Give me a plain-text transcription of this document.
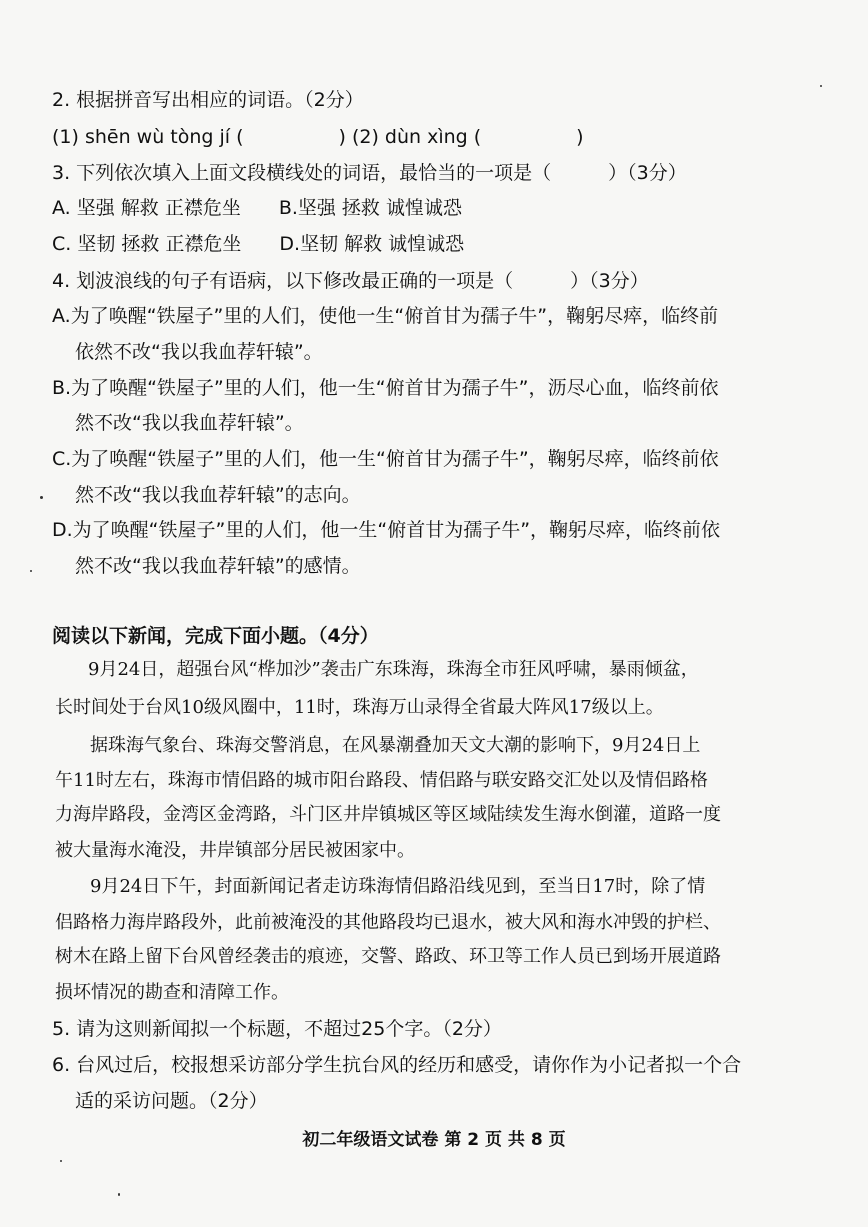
2. 根据拼音写出相应的词语。（2分）
(1) shēn wù tòng jí (　　　　　) (2) dùn xìng (　　　　　)
3. 下列依次填入上面文段横线处的词语，最恰当的一项是（　　　）（3分）
A. 坚强 解救 正襟危坐　　B.坚强 拯救 诚惶诚恐
C. 坚韧 拯救 正襟危坐　　D.坚韧 解救 诚惶诚恐
4. 划波浪线的句子有语病，以下修改最正确的一项是（　　　）（3分）
A.为了唤醒“铁屋子”里的人们，使他一生“俯首甘为孺子牛”，鞠躬尽瘁，临终前
依然不改“我以我血荐轩辕”。
B.为了唤醒“铁屋子”里的人们，他一生“俯首甘为孺子牛”，沥尽心血，临终前依
然不改“我以我血荐轩辕”。
C.为了唤醒“铁屋子”里的人们，他一生“俯首甘为孺子牛”，鞠躬尽瘁，临终前依
然不改“我以我血荐轩辕”的志向。
D.为了唤醒“铁屋子”里的人们，他一生“俯首甘为孺子牛”，鞠躬尽瘁，临终前依
然不改“我以我血荐轩辕”的感情。
阅读以下新闻，完成下面小题。（4分）
9月24日，超强台风“桦加沙”袭击广东珠海，珠海全市狂风呼啸，暴雨倾盆，
长时间处于台风10级风圈中，11时，珠海万山录得全省最大阵风17级以上。
据珠海气象台、珠海交警消息，在风暴潮叠加天文大潮的影响下，9月24日上
午11时左右，珠海市情侣路的城市阳台路段、情侣路与联安路交汇处以及情侣路格
力海岸路段，金湾区金湾路，斗门区井岸镇城区等区域陆续发生海水倒灌，道路一度
被大量海水淹没，井岸镇部分居民被困家中。
9月24日下午，封面新闻记者走访珠海情侣路沿线见到，至当日17时，除了情
侣路格力海岸路段外，此前被淹没的其他路段均已退水，被大风和海水冲毁的护栏、
树木在路上留下台风曾经袭击的痕迹，交警、路政、环卫等工作人员已到场开展道路
损坏情况的勘查和清障工作。
5. 请为这则新闻拟一个标题，不超过25个字。（2分）
6. 台风过后，校报想采访部分学生抗台风的经历和感受，请你作为小记者拟一个合
适的采访问题。（2分）
初二年级语文试卷 第 2 页 共 8 页
